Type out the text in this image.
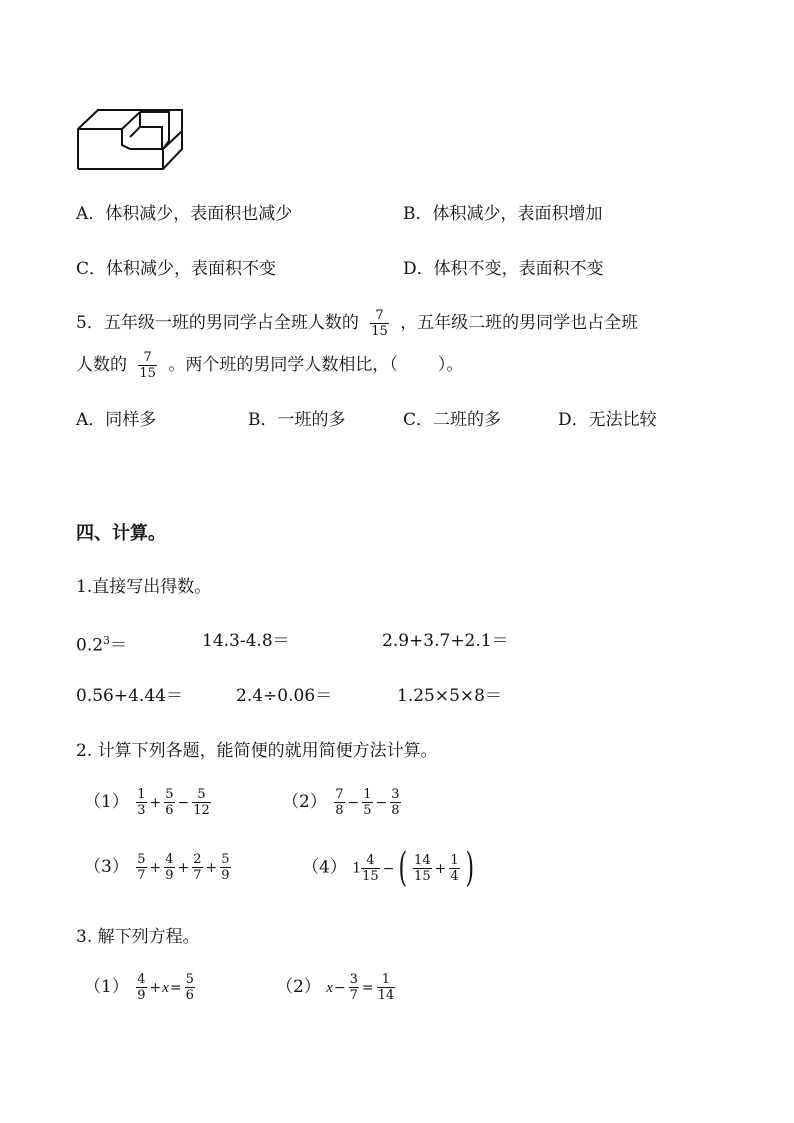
A．体积减少，表面积也减少	B．体积减少，表面积增加
C．体积减少，表面积不变	D．体积不变，表面积不变
5．五年级一班的男同学占全班人数的 $\frac{7}{15}$ ，五年级二班的男同学也占全班
人数的 $\frac{7}{15}$ 。两个班的男同学人数相比，（ ）。
A．同样多	B．一班的多	C．二班的多	D．无法比较
四、计算。
1.直接写出得数。
$0.2^3=$	14.3-4.8＝	2.9+3.7+2.1＝
0.56+4.44＝	2.4÷0.06＝	1.25×5×8＝
2. 计算下列各题，能简便的就用简便方法计算。
$(1) \frac{1}{3} + \frac{5}{6} - \frac{5}{12}$	$(2) \frac{7}{8} - \frac{1}{5} - \frac{3}{8}$
$(3) \frac{5}{7} + \frac{4}{9} + \frac{2}{7} + \frac{5}{9}$	（4） $1 \frac{4}{15}$ − ( $\frac{14}{15} + \frac{1}{4}$ )
3. 解下列方程。
$(1) \frac{4}{9} +x= \frac{5}{6}$	（2） $x- \frac{3}{7} = \frac{1}{14}$
